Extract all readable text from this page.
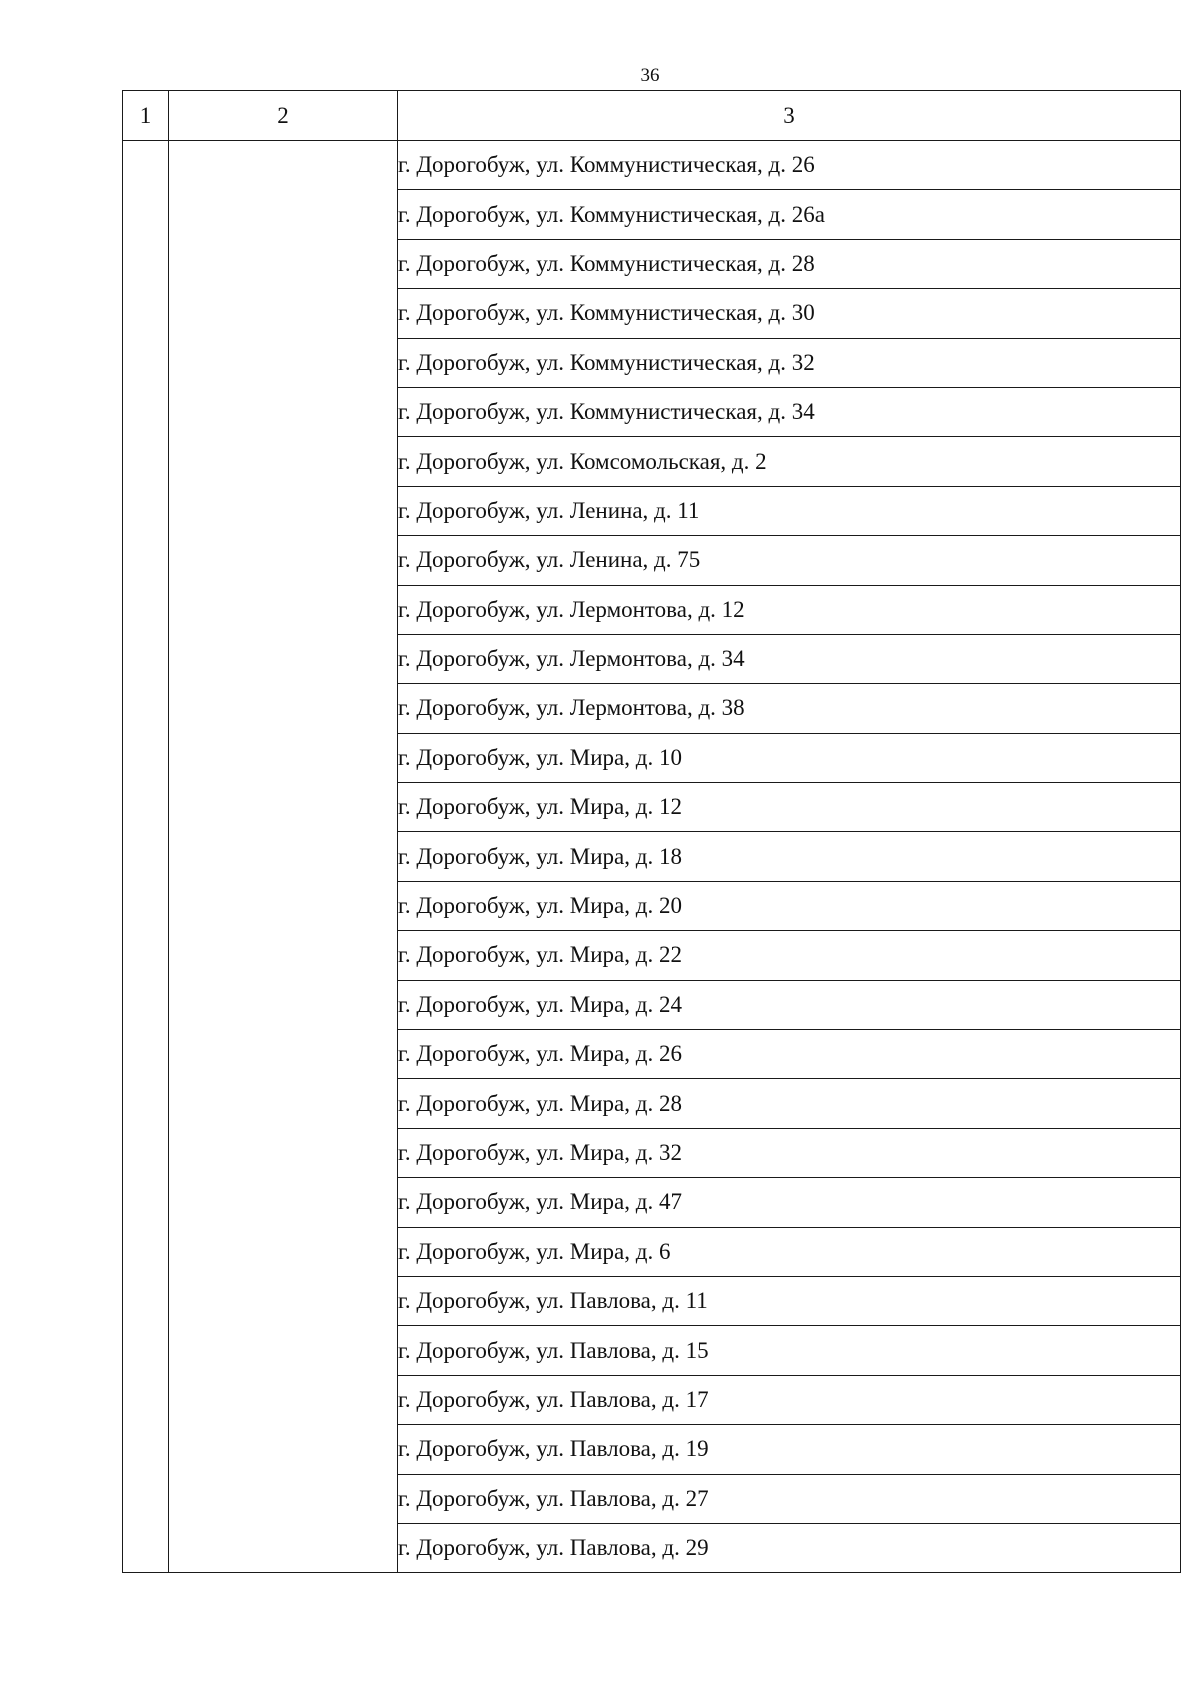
36
1	2	3
		г. Дорогобуж, ул. Коммунистическая, д. 26
		г. Дорогобуж, ул. Коммунистическая, д. 26а
		г. Дорогобуж, ул. Коммунистическая, д. 28
		г. Дорогобуж, ул. Коммунистическая, д. 30
		г. Дорогобуж, ул. Коммунистическая, д. 32
		г. Дорогобуж, ул. Коммунистическая, д. 34
		г. Дорогобуж, ул. Комсомольская, д. 2
		г. Дорогобуж, ул. Ленина, д. 11
		г. Дорогобуж, ул. Ленина, д. 75
		г. Дорогобуж, ул. Лермонтова, д. 12
		г. Дорогобуж, ул. Лермонтова, д. 34
		г. Дорогобуж, ул. Лермонтова, д. 38
		г. Дорогобуж, ул. Мира, д. 10
		г. Дорогобуж, ул. Мира, д. 12
		г. Дорогобуж, ул. Мира, д. 18
		г. Дорогобуж, ул. Мира, д. 20
		г. Дорогобуж, ул. Мира, д. 22
		г. Дорогобуж, ул. Мира, д. 24
		г. Дорогобуж, ул. Мира, д. 26
		г. Дорогобуж, ул. Мира, д. 28
		г. Дорогобуж, ул. Мира, д. 32
		г. Дорогобуж, ул. Мира, д. 47
		г. Дорогобуж, ул. Мира, д. 6
		г. Дорогобуж, ул. Павлова, д. 11
		г. Дорогобуж, ул. Павлова, д. 15
		г. Дорогобуж, ул. Павлова, д. 17
		г. Дорогобуж, ул. Павлова, д. 19
		г. Дорогобуж, ул. Павлова, д. 27
		г. Дорогобуж, ул. Павлова, д. 29
